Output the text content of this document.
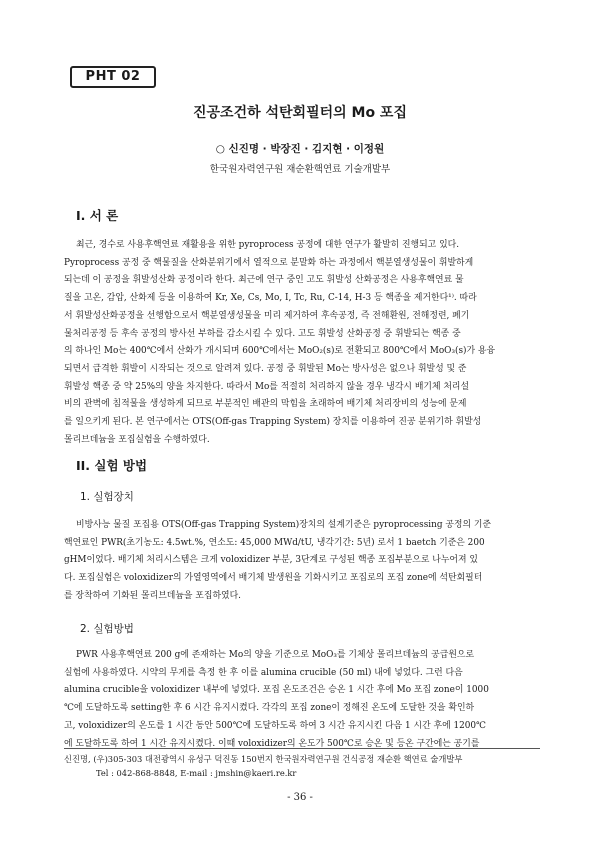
PHT 02
진공조건하 석탄회필터의 Mo 포집
○ 신진명 · 박장진 · 김지현 · 이정원
한국원자력연구원 재순환핵연료 기술개발부
I. 서 론
최근, 경수로 사용후핵연료 재활용을 위한 pyroprocess 공정에 대한 연구가 활발히 진행되고 있다.
Pyroprocess 공정 중 핵물질을 산화분위기에서 열적으로 분말화 하는 과정에서 핵분열생성물이 휘발하게
되는데 이 공정을 휘발성산화 공정이라 한다. 최근에 연구 중인 고도 휘발성 산화공정은 사용후핵연료 물
질을 고온, 감압, 산화제 등을 이용하여 Kr, Xe, Cs, Mo, I, Tc, Ru, C-14, H-3 등 핵종을 제거한다¹⁾. 따라
서 휘발성산화공정을 선행함으로서 핵분열생성물을 미리 제거하여 후속공정, 즉 전해환원, 전해정련, 폐기
물처리공정 등 후속 공정의 방사선 부하를 감소시킬 수 있다. 고도 휘발성 산화공정 중 휘발되는 핵종 중
의 하나인 Mo는 400℃에서 산화가 개시되며 600℃에서는 MoO₂(s)로 전환되고 800℃에서 MoO₃(s)가 용융
되면서 급격한 휘발이 시작되는 것으로 알려져 있다. 공정 중 휘발된 Mo는 방사성은 없으나 휘발성 및 준
휘발성 핵종 중 약 25%의 양을 차지한다. 따라서 Mo를 적절히 처리하지 않을 경우 냉각시 배기체 처리설
비의 관벽에 침적물을 생성하게 되므로 부분적인 배관의 막힘을 초래하여 배기체 처리장비의 성능에 문제
를 일으키게 된다. 본 연구에서는 OTS(Off-gas Trapping System) 장치를 이용하여 진공 분위기하 휘발성
몰리브데늄을 포집실험을 수행하였다.
II. 실험 방법
1. 실험장치
비방사능 물질 포집용 OTS(Off-gas Trapping System)장치의 설계기준은 pyroprocessing 공정의 기준
핵연료인 PWR(초기농도: 4.5wt.%, 연소도: 45,000 MWd/tU, 냉각기간: 5년) 로서 1 baetch 기준은 200
gHM이었다. 배기체 처리시스템은 크게 voloxidizer 부분, 3단계로 구성된 핵종 포집부분으로 나누어져 있
다. 포집실험은 voloxidizer의 가열영역에서 배기체 발생원을 기화시키고 포집로의 포집 zone에 석탄회필터
를 장착하여 기화된 몰리브데늄을 포집하였다.
2. 실험방법
PWR 사용후핵연료 200 g에 존재하는 Mo의 양을 기준으로 MoO₃를 기체상 몰리브데늄의 공급원으로
실험에 사용하였다. 시약의 무게를 측정 한 후 이를 alumina crucible (50 ml) 내에 넣었다. 그런 다음
alumina crucible을 voloxidizer 내부에 넣었다. 포집 온도조건은 승온 1 시간 후에 Mo 포집 zone이 1000
℃에 도달하도록 setting한 후 6 시간 유지시켰다. 각각의 포집 zone이 정해진 온도에 도달한 것을 확인하
고, voloxidizer의 온도를 1 시간 동안 500℃에 도달하도록 하여 3 시간 유지시킨 다음 1 시간 후에 1200℃
에 도달하도록 하여 1 시간 유지시켰다. 이때 voloxidizer의 온도가 500℃로 승온 및 등온 구간에는 공기를
신진명, (우)305-303 대전광역시 유성구 덕진동 150번지 한국원자력연구원 건식공정 재순환 핵연료 술개발부
Tel : 042-868-8848, E-mail : jmshin@kaeri.re.kr
- 36 -
